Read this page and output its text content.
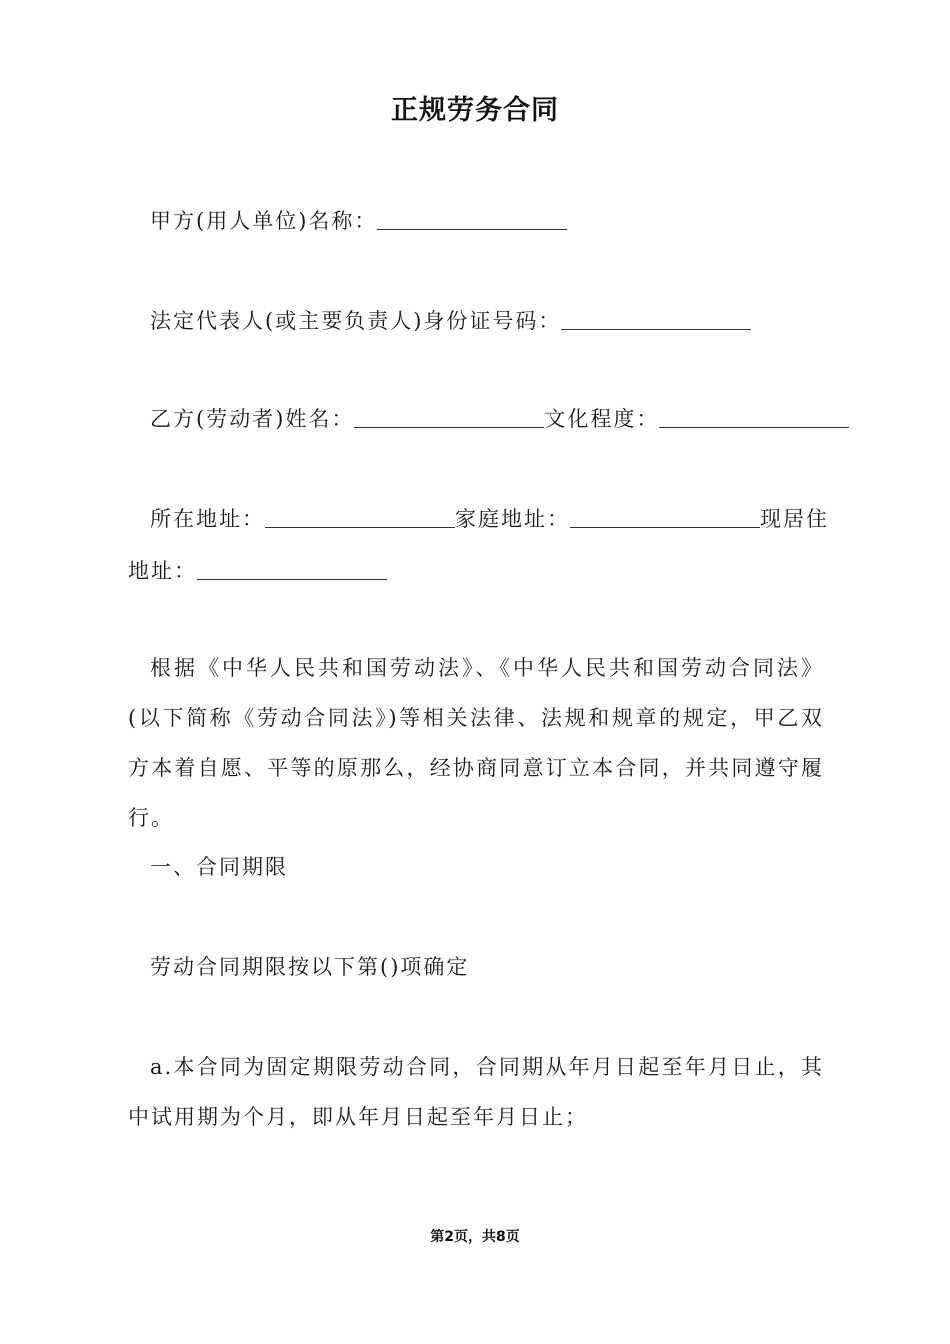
正规劳务合同
甲方(用人单位)名称：
法定代表人(或主要负责人)身份证号码：
乙方(劳动者)姓名：	文化程度：
所在地址：	家庭地址：	现居住
地址：
根据《中华人民共和国劳动法》、《中华人民共和国劳动合同法》(以下简称《劳动合同法》)等相关法律、法规和规章的规定，甲乙双方本着自愿、平等的原那么，经协商同意订立本合同，并共同遵守履行。
一、合同期限
劳动合同期限按以下第()项确定
a.本合同为固定期限劳动合同，合同期从年月日起至年月日止，其中试用期为个月，即从年月日起至年月日止；
第2页，共8页
